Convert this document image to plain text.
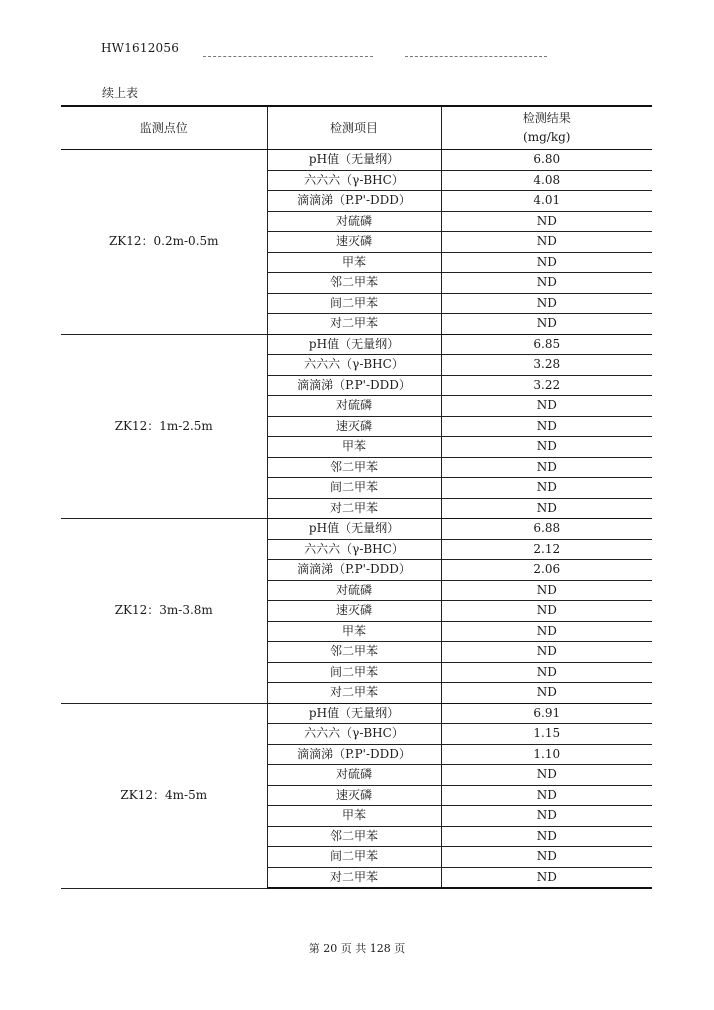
HW1612056
续上表
监测点位	检测项目	检测结果
(mg/kg)
ZK12：0.2m-0.5m	pH值（无量纲）	6.80
	六六六（γ-BHC）	4.08
	滴滴涕（P.P'-DDD）	4.01
	对硫磷	ND
	速灭磷	ND
	甲苯	ND
	邻二甲苯	ND
	间二甲苯	ND
	对二甲苯	ND
ZK12：1m-2.5m	pH值（无量纲）	6.85
	六六六（γ-BHC）	3.28
	滴滴涕（P.P'-DDD）	3.22
	对硫磷	ND
	速灭磷	ND
	甲苯	ND
	邻二甲苯	ND
	间二甲苯	ND
	对二甲苯	ND
ZK12：3m-3.8m	pH值（无量纲）	6.88
	六六六（γ-BHC）	2.12
	滴滴涕（P.P'-DDD）	2.06
	对硫磷	ND
	速灭磷	ND
	甲苯	ND
	邻二甲苯	ND
	间二甲苯	ND
	对二甲苯	ND
ZK12：4m-5m	pH值（无量纲）	6.91
	六六六（γ-BHC）	1.15
	滴滴涕（P.P'-DDD）	1.10
	对硫磷	ND
	速灭磷	ND
	甲苯	ND
	邻二甲苯	ND
	间二甲苯	ND
	对二甲苯	ND
第 20 页 共 128 页
